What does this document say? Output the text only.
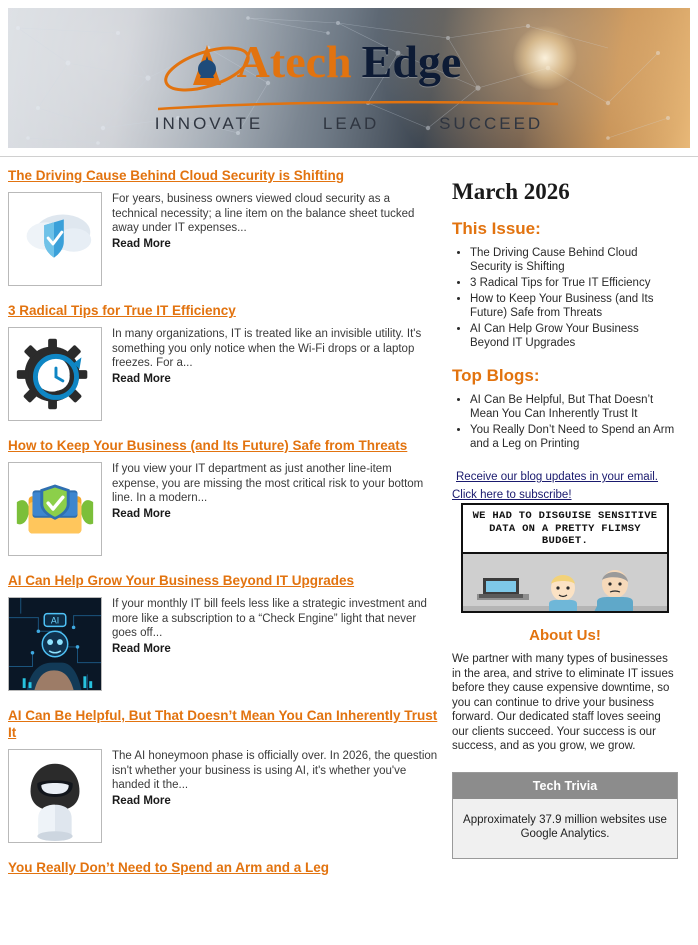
Atech Edge
INNOVATE	LEAD	SUCCEED
The Driving Cause Behind Cloud Security is Shifting
For years, business owners viewed cloud security as a technical necessity; a line item on the balance sheet tucked away under IT expenses...
Read More
3 Radical Tips for True IT Efficiency
In many organizations, IT is treated like an invisible utility. It's something you only notice when the Wi-Fi drops or a laptop freezes. For a...
Read More
How to Keep Your Business (and Its Future) Safe from Threats
If you view your IT department as just another line-item expense, you are missing the most critical risk to your bottom line. In a modern...
Read More
AI Can Help Grow Your Business Beyond IT Upgrades
AI
If your monthly IT bill feels less like a strategic investment and more like a subscription to a “Check Engine” light that never goes off...
Read More
AI Can Be Helpful, But That Doesn’t Mean You Can Inherently Trust It
The AI honeymoon phase is officially over. In 2026, the question isn't whether your business is using AI, it's whether you've handed it the...
Read More
You Really Don’t Need to Spend an Arm and a Leg
March 2026
This Issue:
• The Driving Cause Behind Cloud Security is Shifting
• 3 Radical Tips for True IT Efficiency
• How to Keep Your Business (and Its Future) Safe from Threats
• AI Can Help Grow Your Business Beyond IT Upgrades
Top Blogs:
• AI Can Be Helpful, But That Doesn’t Mean You Can Inherently Trust It
• You Really Don’t Need to Spend an Arm and a Leg on Printing
Receive our blog updates in your email. Click here to subscribe!
WE HAD TO DISGUISE SENSITIVE DATA ON A PRETTY FLIMSY BUDGET.
About Us!
We partner with many types of businesses in the area, and strive to eliminate IT issues before they cause expensive downtime, so you can continue to drive your business forward. Our dedicated staff loves seeing our clients succeed. Your success is our success, and as you grow, we grow.
Tech Trivia
Approximately 37.9 million websites use Google Analytics.
